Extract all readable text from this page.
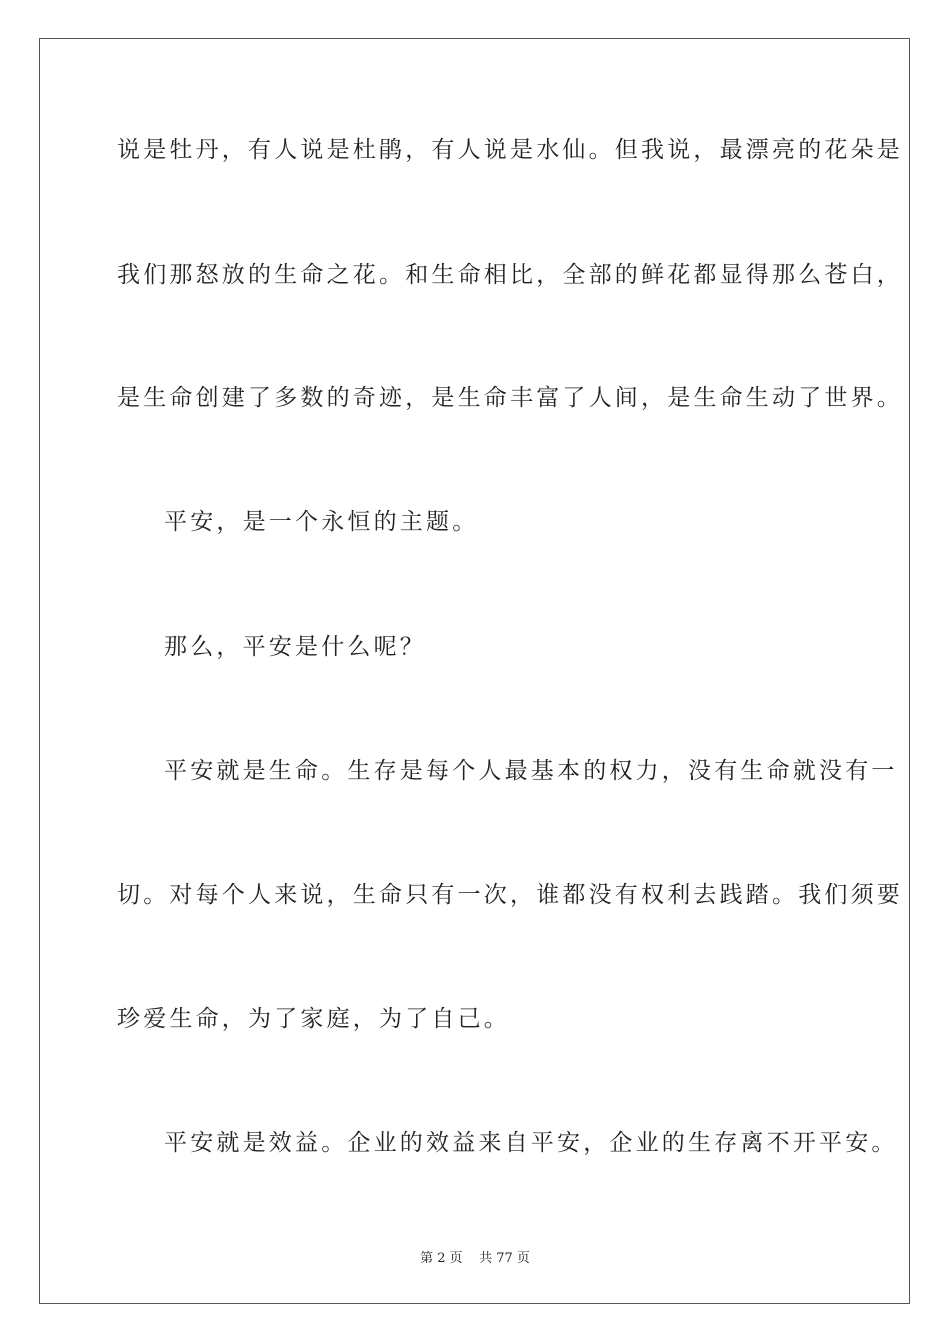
说是牡丹，有人说是杜鹃，有人说是水仙。但我说，最漂亮的花朵是

我们那怒放的生命之花。和生命相比，全部的鲜花都显得那么苍白，

是生命创建了多数的奇迹，是生命丰富了人间，是生命生动了世界。

平安，是一个永恒的主题。

那么，平安是什么呢？

平安就是生命。生存是每个人最基本的权力，没有生命就没有一

切。对每个人来说，生命只有一次，谁都没有权利去践踏。我们须要

珍爱生命，为了家庭，为了自己。

平安就是效益。企业的效益来自平安，企业的生存离不开平安。

第 2 页    共 77 页
